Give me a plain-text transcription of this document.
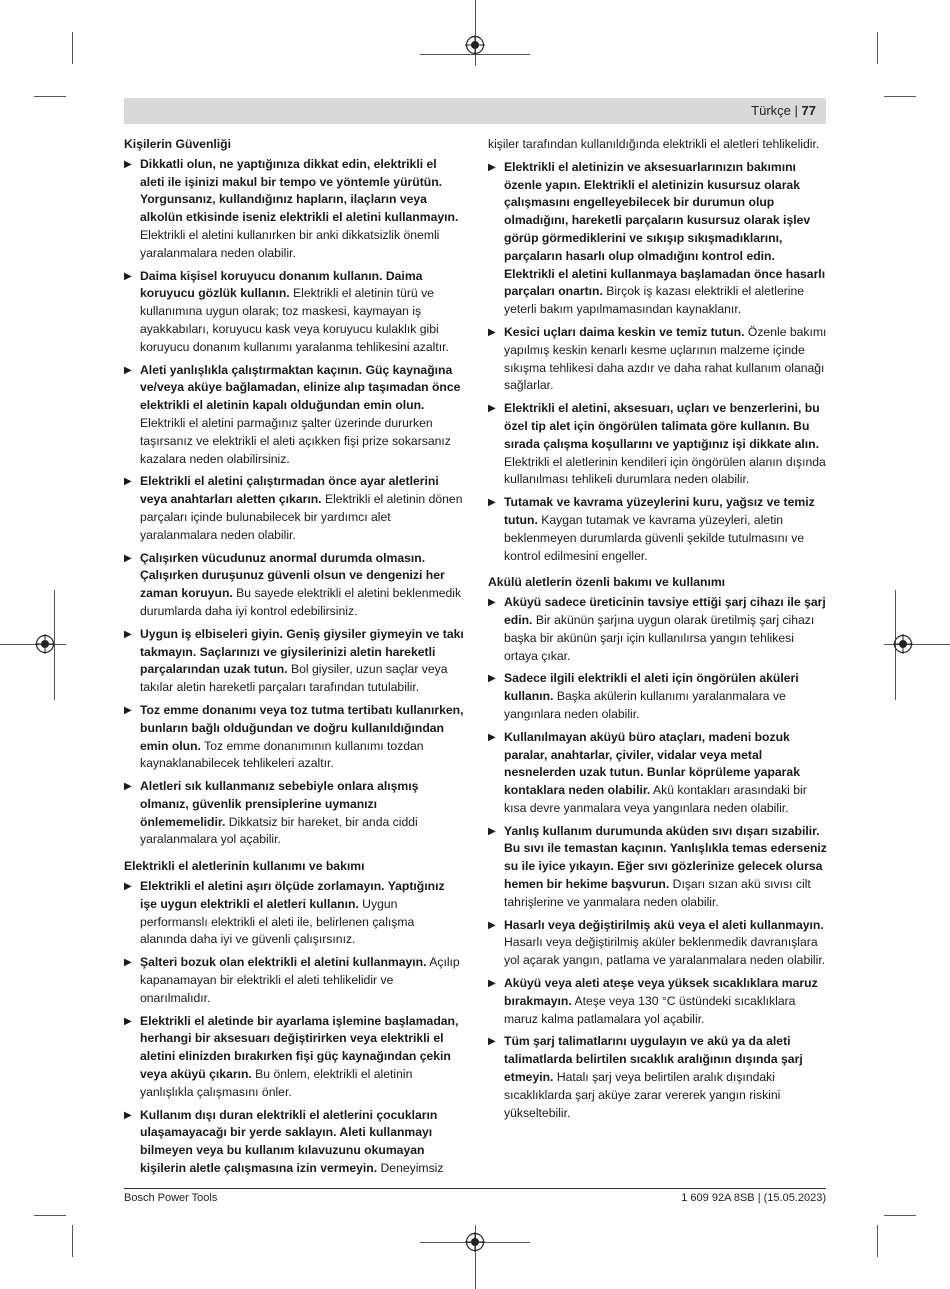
Türkçe | 77
Kişilerin Güvenliği
▶ Dikkatli olun, ne yaptığınıza dikkat edin, elektrikli el aleti ile işinizi makul bir tempo ve yöntemle yürütün. Yorgunsanız, kullandığınız hapların, ilaçların veya alkolün etkisinde iseniz elektrikli el aletini kullanmayın. Elektrikli el aletini kullanırken bir anki dikkatsizlik önemli yaralanmalara neden olabilir.
▶ Daima kişisel koruyucu donanım kullanın. Daima koruyucu gözlük kullanın. Elektrikli el aletinin türü ve kullanımına uygun olarak; toz maskesi, kaymayan iş ayakkabıları, koruyucu kask veya koruyucu kulaklık gibi koruyucu donanım kullanımı yaralanma tehlikesini azaltır.
▶ Aleti yanlışlıkla çalıştırmaktan kaçının. Güç kaynağına ve/veya aküye bağlamadan, elinize alıp taşımadan önce elektrikli el aletinin kapalı olduğundan emin olun. Elektrikli el aletini parmağınız şalter üzerinde dururken taşırsanız ve elektrikli el aleti açıkken fişi prize sokarsanız kazalara neden olabilirsiniz.
▶ Elektrikli el aletini çalıştırmadan önce ayar aletlerini veya anahtarları aletten çıkarın. Elektrikli el aletinin dönen parçaları içinde bulunabilecek bir yardımcı alet yaralanmalara neden olabilir.
▶ Çalışırken vücudunuz anormal durumda olmasın. Çalışırken duruşunuz güvenli olsun ve dengenizi her zaman koruyun. Bu sayede elektrikli el aletini beklenmedik durumlarda daha iyi kontrol edebilirsiniz.
▶ Uygun iş elbiseleri giyin. Geniş giysiler giymeyin ve takı takmayın. Saçlarınızı ve giysilerinizi aletin hareketli parçalarından uzak tutun. Bol giysiler, uzun saçlar veya takılar aletin hareketli parçaları tarafından tutulabilir.
▶ Toz emme donanımı veya toz tutma tertibatı kullanırken, bunların bağlı olduğundan ve doğru kullanıldığından emin olun. Toz emme donanımının kullanımı tozdan kaynaklanabilecek tehlikeleri azaltır.
▶ Aletleri sık kullanmanız sebebiyle onlara alışmış olmanız, güvenlik prensiplerine uymanızı önlememelidir. Dikkatsiz bir hareket, bir anda ciddi yaralanmalara yol açabilir.
Elektrikli el aletlerinin kullanımı ve bakımı
▶ Elektrikli el aletini aşırı ölçüde zorlamayın. Yaptığınız işe uygun elektrikli el aletleri kullanın. Uygun performanslı elektrikli el aleti ile, belirlenen çalışma alanında daha iyi ve güvenli çalışırsınız.
▶ Şalteri bozuk olan elektrikli el aletini kullanmayın. Açılıp kapanamayan bir elektrikli el aleti tehlikelidir ve onarılmalıdır.
▶ Elektrikli el aletinde bir ayarlama işlemine başlamadan, herhangi bir aksesuarı değiştirirken veya elektrikli el aletini elinizden bırakırken fişi güç kaynağından çekin veya aküyü çıkarın. Bu önlem, elektrikli el aletinin yanlışlıkla çalışmasını önler.
▶ Kullanım dışı duran elektrikli el aletlerini çocukların ulaşamayacağı bir yerde saklayın. Aleti kullanmayı bilmeyen veya bu kullanım kılavuzunu okumayan kişilerin aletle çalışmasına izin vermeyin. Deneyimsiz
kişiler tarafından kullanıldığında elektrikli el aletleri tehlikelidir.
▶ Elektrikli el aletinizin ve aksesuarlarınızın bakımını özenle yapın. Elektrikli el aletinizin kusursuz olarak çalışmasını engelleyebilecek bir durumun olup olmadığını, hareketli parçaların kusursuz olarak işlev görüp görmediklerini ve sıkışıp sıkışmadıklarını, parçaların hasarlı olup olmadığını kontrol edin. Elektrikli el aletini kullanmaya başlamadan önce hasarlı parçaları onartın. Birçok iş kazası elektrikli el aletlerine yeterli bakım yapılmamasından kaynaklanır.
▶ Kesici uçları daima keskin ve temiz tutun. Özenle bakımı yapılmış keskin kenarlı kesme uçlarının malzeme içinde sıkışma tehlikesi daha azdır ve daha rahat kullanım olanağı sağlarlar.
▶ Elektrikli el aletini, aksesuarı, uçları ve benzerlerini, bu özel tip alet için öngörülen talimata göre kullanın. Bu sırada çalışma koşullarını ve yaptığınız işi dikkate alın. Elektrikli el aletlerinin kendileri için öngörülen alanın dışında kullanılması tehlikeli durumlara neden olabilir.
▶ Tutamak ve kavrama yüzeylerini kuru, yağsız ve temiz tutun. Kaygan tutamak ve kavrama yüzeyleri, aletin beklenmeyen durumlarda güvenli şekilde tutulmasını ve kontrol edilmesini engeller.
Akülü aletlerin özenli bakımı ve kullanımı
▶ Aküyü sadece üreticinin tavsiye ettiği şarj cihazı ile şarj edin. Bir akünün şarjına uygun olarak üretilmiş şarj cihazı başka bir akünün şarjı için kullanılırsa yangın tehlikesi ortaya çıkar.
▶ Sadece ilgili elektrikli el aleti için öngörülen aküleri kullanın. Başka akülerin kullanımı yaralanmalara ve yangınlara neden olabilir.
▶ Kullanılmayan aküyü büro ataçları, madeni bozuk paralar, anahtarlar, çiviler, vidalar veya metal nesnelerden uzak tutun. Bunlar köprüleme yaparak kontaklara neden olabilir. Akü kontakları arasındaki bir kısa devre yanmalara veya yangınlara neden olabilir.
▶ Yanlış kullanım durumunda aküden sıvı dışarı sızabilir. Bu sıvı ile temastan kaçının. Yanlışlıkla temas ederseniz su ile iyice yıkayın. Eğer sıvı gözlerinize gelecek olursa hemen bir hekime başvurun. Dışarı sızan akü sıvısı cilt tahrişlerine ve yanmalara neden olabilir.
▶ Hasarlı veya değiştirilmiş akü veya el aleti kullanmayın. Hasarlı veya değiştirilmiş aküler beklenmedik davranışlara yol açarak yangın, patlama ve yaralanmalara neden olabilir.
▶ Aküyü veya aleti ateşe veya yüksek sıcaklıklara maruz bırakmayın. Ateşe veya 130 °C üstündeki sıcaklıklara maruz kalma patlamalara yol açabilir.
▶ Tüm şarj talimatlarını uygulayın ve akü ya da aleti talimatlarda belirtilen sıcaklık aralığının dışında şarj etmeyin. Hatalı şarj veya belirtilen aralık dışındaki sıcaklıklarda şarj aküye zarar vererek yangın riskini yükseltebilir.
Bosch Power Tools	1 609 92A 8SB | (15.05.2023)
